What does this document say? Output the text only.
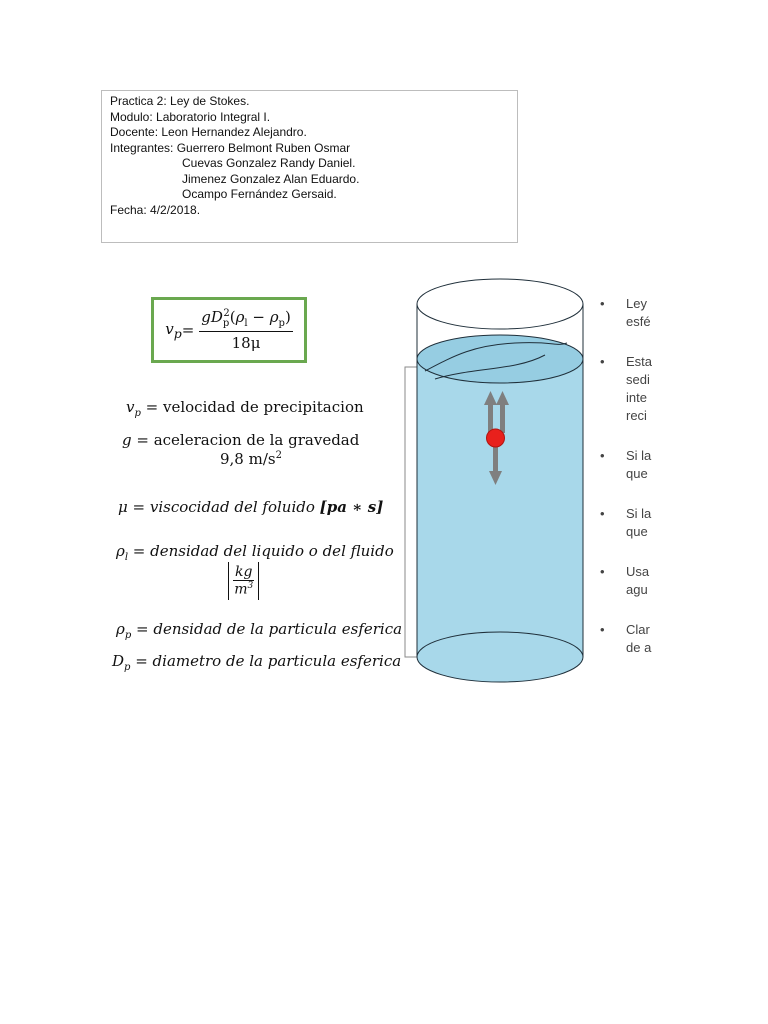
Practica 2: Ley de Stokes.
Modulo: Laboratorio Integral I.
Docente: Leon Hernandez Alejandro.
Integrantes: Guerrero Belmont Ruben Osmar
Cuevas Gonzalez Randy Daniel.
Jimenez Gonzalez Alan Eduardo.
Ocampo Fernández Gersaid.
Fecha: 4/2/2018.
$v_p = \frac{gD_p^2(\rho_l - \rho_p)}{18\mu}$
$v_p$ = velocidad de precipitacion
g = aceleracion de la gravedad
9,8 $m/s^2$
μ = viscocidad del foluido [pa ∗ s]
$\rho_l$ = densidad del liquido o del fluido
$\frac{kg}{m^3}$
$\rho_p$ = densidad de la particula esferica
$D_p$ = diametro de la particula esferica
•	Ley
esfé
•	Esta
sedi
inte
reci
•	Si la
que
•	Si la
que
•	Usa
agu
•	Clar
de a
